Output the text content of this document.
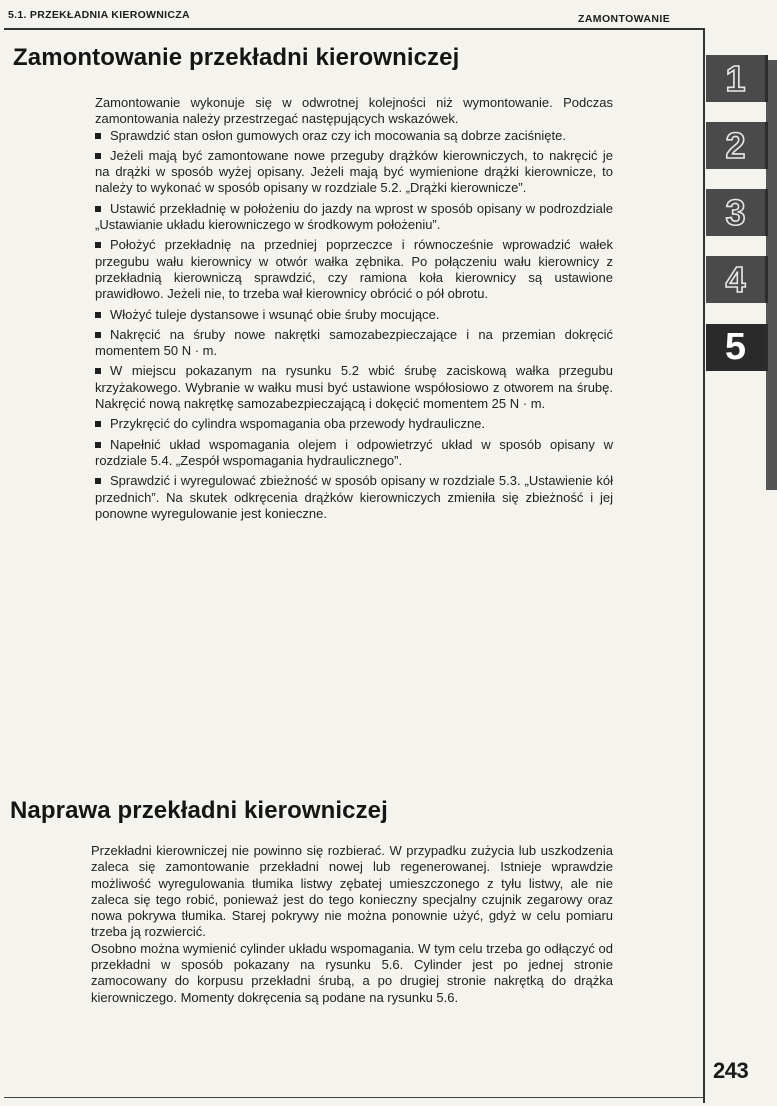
5.1. PRZEKŁADNIA KIEROWNICZA	ZAMONTOWANIE
Zamontowanie przekładni kierowniczej

Zamontowanie wykonuje się w odwrotnej kolejności niż wymontowanie. Podczas zamontowania należy przestrzegać następujących wskazówek.

Sprawdzić stan osłon gumowych oraz czy ich mocowania są dobrze zaciśnięte.

Jeżeli mają być zamontowane nowe przeguby drążków kierowniczych, to nakręcić je na drążki w sposób wyżej opisany. Jeżeli mają być wymienione drążki kierownicze, to należy to wykonać w sposób opisany w rozdziale 5.2. „Drążki kierownicze”.

Ustawić przekładnię w położeniu do jazdy na wprost w sposób opisany w podrozdziale „Ustawianie układu kierowniczego w środkowym położeniu”.

Położyć przekładnię na przedniej poprzeczce i równocześnie wprowadzić wałek przegubu wału kierownicy w otwór wałka zębnika. Po połączeniu wału kierownicy z przekładnią kierowniczą sprawdzić, czy ramiona koła kierownicy są ustawione prawidłowo. Jeżeli nie, to trzeba wał kierownicy obrócić o pół obrotu.

Włożyć tuleje dystansowe i wsunąć obie śruby mocujące.

Nakręcić na śruby nowe nakrętki samozabezpieczające i na przemian dokręcić momentem 50 N · m.

W miejscu pokazanym na rysunku 5.2 wbić śrubę zaciskową wałka przegubu krzyżakowego. Wybranie w wałku musi być ustawione współosiowo z otworem na śrubę. Nakręcić nową nakrętkę samozabezpieczającą i dokęcić momentem 25 N · m.

Przykręcić do cylindra wspomagania oba przewody hydrauliczne.

Napełnić układ wspomagania olejem i odpowietrzyć układ w sposób opisany w rozdziale 5.4. „Zespół wspomagania hydraulicznego”.

Sprawdzić i wyregulować zbieżność w sposób opisany w rozdziale 5.3. „Ustawienie kół przednich”. Na skutek odkręcenia drążków kierowniczych zmieniła się zbieżność i jej ponowne wyregulowanie jest konieczne.

Naprawa przekładni kierowniczej

Przekładni kierowniczej nie powinno się rozbierać. W przypadku zużycia lub uszkodzenia zaleca się zamontowanie przekładni nowej lub regenerowanej. Istnieje wprawdzie możliwość wyregulowania tłumika listwy zębatej umieszczonego z tyłu listwy, ale nie zaleca się tego robić, ponieważ jest do tego konieczny specjalny czujnik zegarowy oraz nowa pokrywa tłumika. Starej pokrywy nie można ponownie użyć, gdyż w celu pomiaru trzeba ją rozwiercić.

Osobno można wymienić cylinder układu wspomagania. W tym celu trzeba go odłączyć od przekładni w sposób pokazany na rysunku 5.6. Cylinder jest po jednej stronie zamocowany do korpusu przekładni śrubą, a po drugiej stronie nakrętką do drążka kierowniczego. Momenty dokręcenia są podane na rysunku 5.6.

1
2
3
4
5
243
